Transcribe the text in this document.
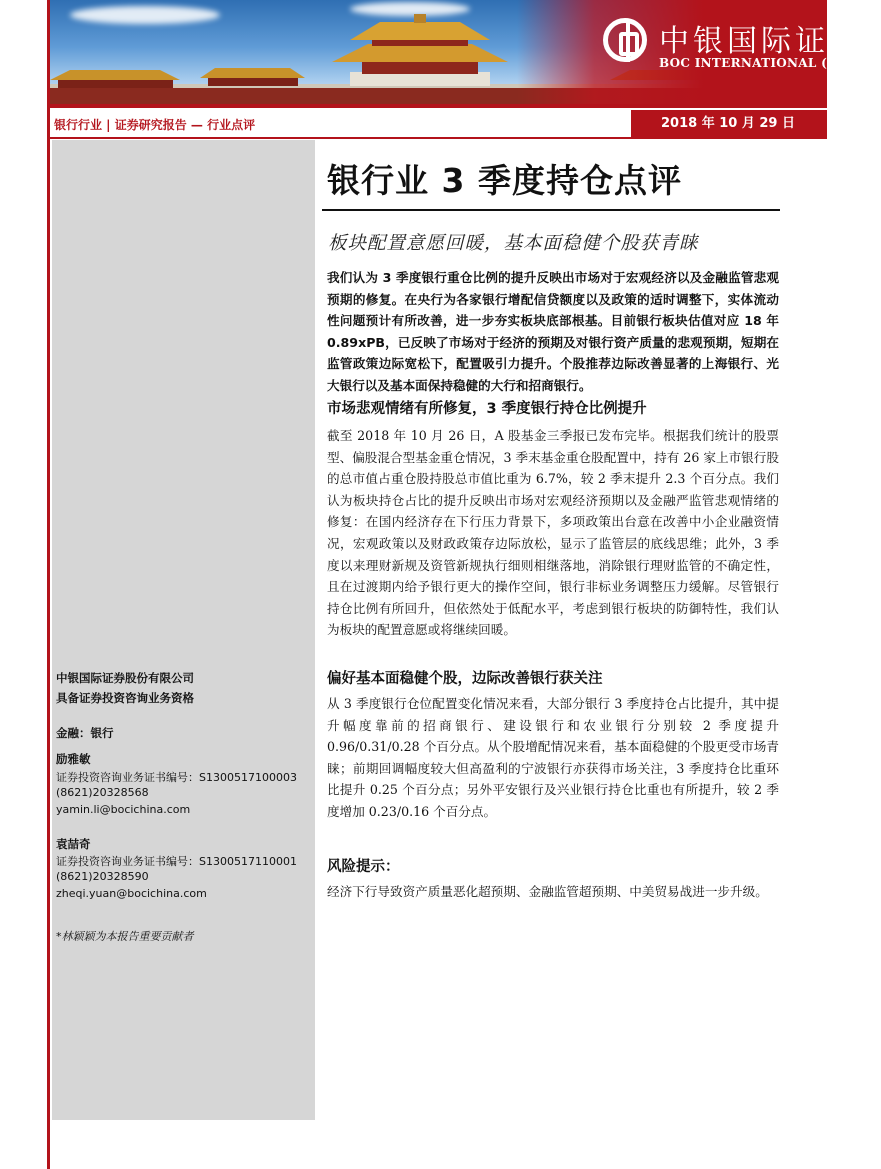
中银国际证券
BOC INTERNATIONAL (CHINA)
银行行业 | 证券研究报告 — 行业点评	2018 年 10 月 29 日
中银国际证券股份有限公司
具备证券投资咨询业务资格
金融：银行
励雅敏
证券投资咨询业务证书编号：S1300517100003
(8621)20328568
yamin.li@bocichina.com
袁喆奇
证券投资咨询业务证书编号：S1300517110001
(8621)20328590
zheqi.yuan@bocichina.com
*林颖颖为本报告重要贡献者
银行业 3 季度持仓点评
板块配置意愿回暖，基本面稳健个股获青睐

我们认为 3 季度银行重仓比例的提升反映出市场对于宏观经济以及金融监管悲观预期的修复。在央行为各家银行增配信贷额度以及政策的适时调整下，实体流动性问题预计有所改善，进一步夯实板块底部根基。目前银行板块估值对应 18 年 0.89xPB，已反映了市场对于经济的预期及对银行资产质量的悲观预期，短期在监管政策边际宽松下，配置吸引力提升。个股推荐边际改善显著的上海银行、光大银行以及基本面保持稳健的大行和招商银行。

市场悲观情绪有所修复，3 季度银行持仓比例提升

截至 2018 年 10 月 26 日，A 股基金三季报已发布完毕。根据我们统计的股票型、偏股混合型基金重仓情况，3 季末基金重仓股配置中，持有 26 家上市银行股的总市值占重仓股持股总市值比重为 6.7%，较 2 季末提升 2.3 个百分点。我们认为板块持仓占比的提升反映出市场对宏观经济预期以及金融严监管悲观情绪的修复：在国内经济存在下行压力背景下，多项政策出台意在改善中小企业融资情况，宏观政策以及财政政策存边际放松，显示了监管层的底线思维；此外，3 季度以来理财新规及资管新规执行细则相继落地，消除银行理财监管的不确定性，且在过渡期内给予银行更大的操作空间，银行非标业务调整压力缓解。尽管银行持仓比例有所回升，但依然处于低配水平，考虑到银行板块的防御特性，我们认为板块的配置意愿或将继续回暖。

偏好基本面稳健个股，边际改善银行获关注

从 3 季度银行仓位配置变化情况来看，大部分银行 3 季度持仓占比提升，其中提升幅度靠前的招商银行、建设银行和农业银行分别较 2 季度提升 0.96/0.31/0.28 个百分点。从个股增配情况来看，基本面稳健的个股更受市场青睐；前期回调幅度较大但高盈利的宁波银行亦获得市场关注，3 季度持仓比重环比提升 0.25 个百分点；另外平安银行及兴业银行持仓比重也有所提升，较 2 季度增加 0.23/0.16 个百分点。

风险提示：

经济下行导致资产质量恶化超预期、金融监管超预期、中美贸易战进一步升级。
